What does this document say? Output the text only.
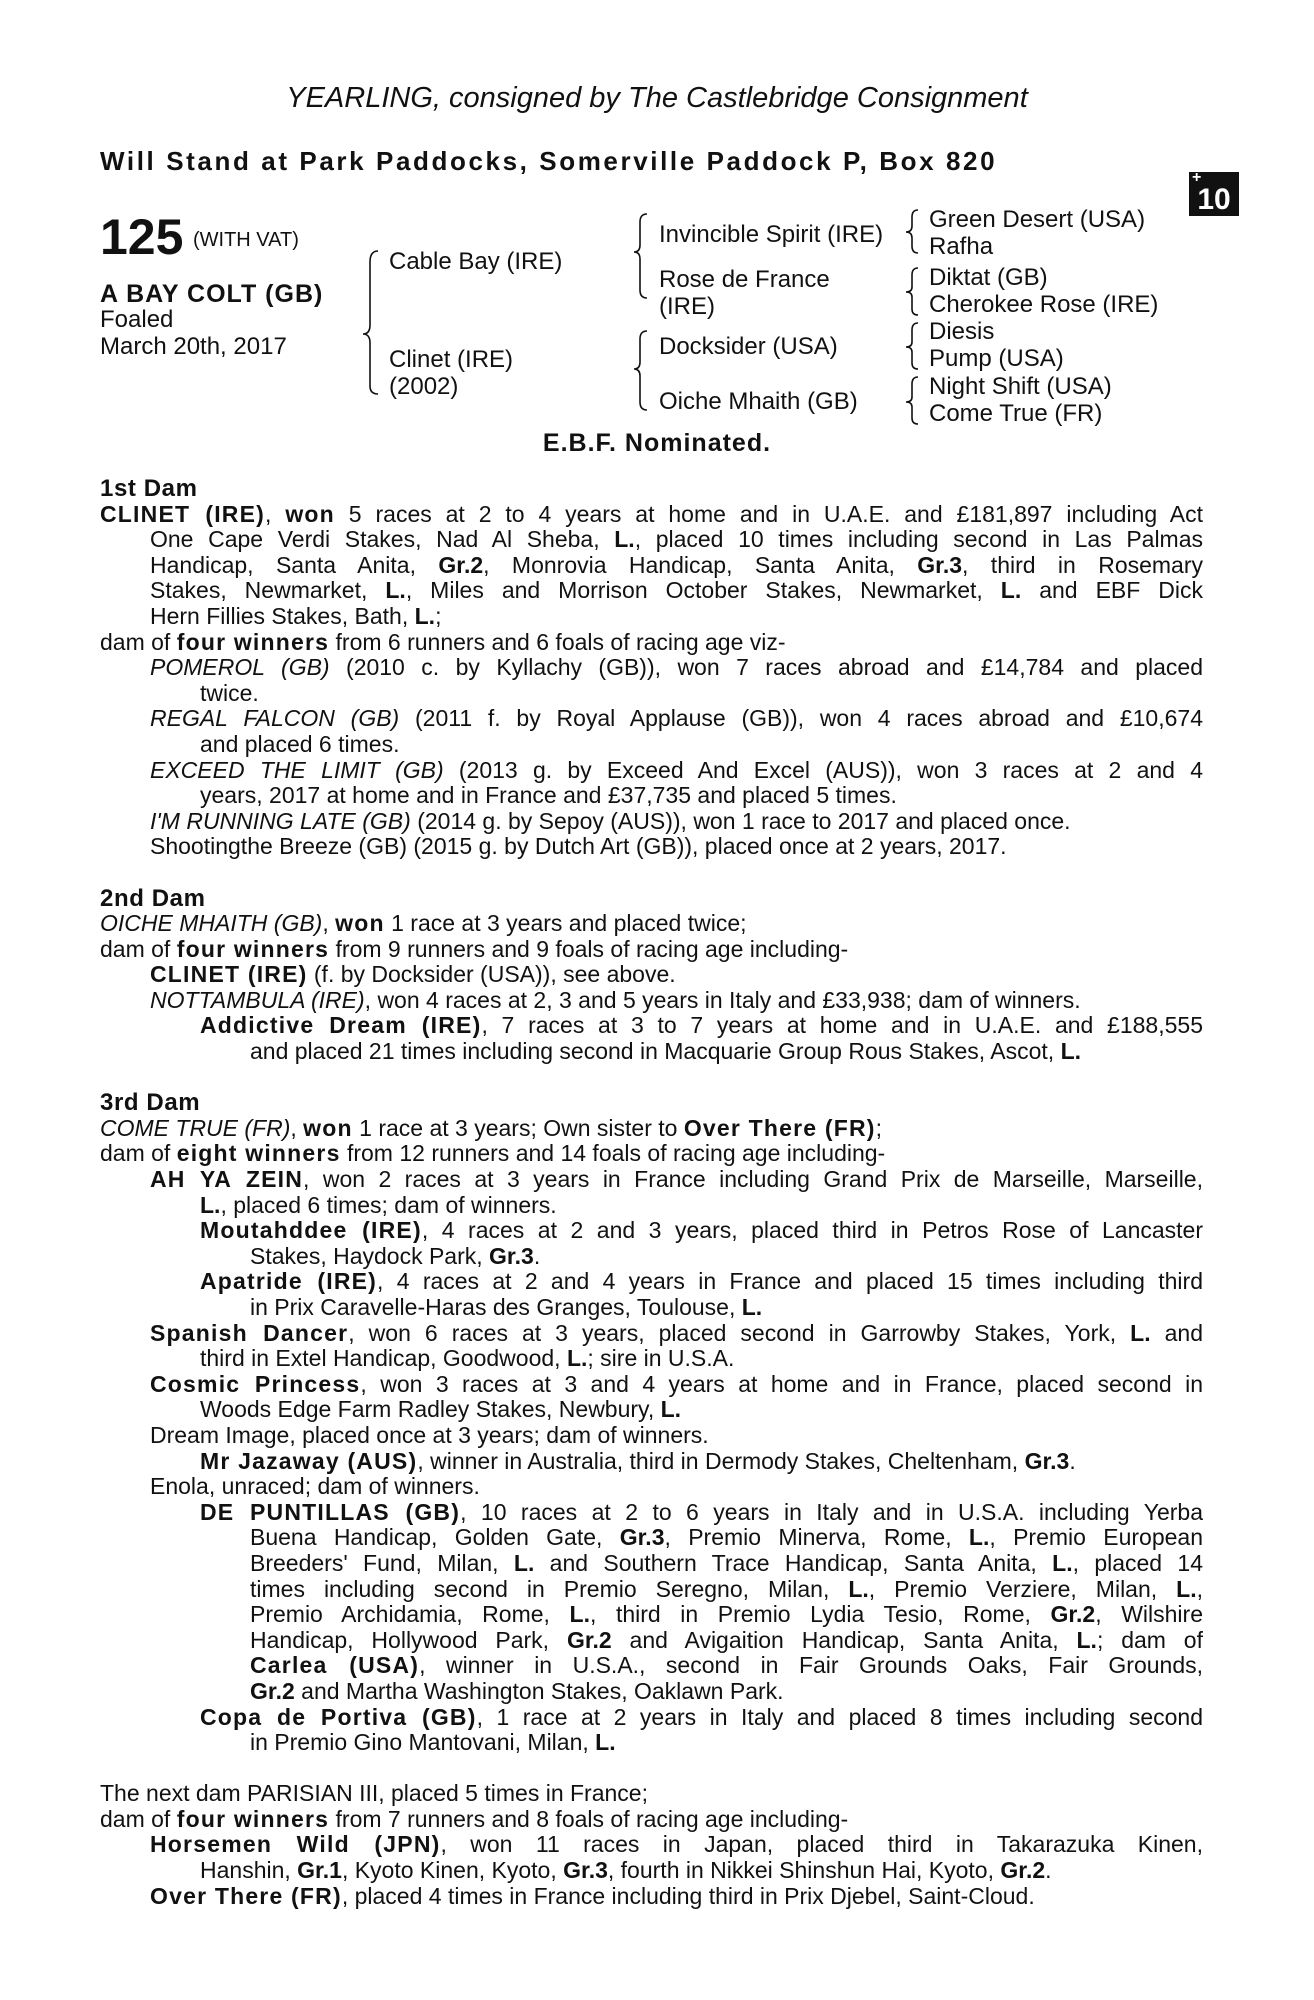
YEARLING, consigned by The Castlebridge Consignment
Will Stand at Park Paddocks, Somerville Paddock P, Box 820
+
10
125 (WITH VAT)
A BAY COLT (GB)
Foaled
March 20th, 2017
Cable Bay (IRE)
Clinet (IRE)
(2002)
Invincible Spirit (IRE)
Rose de France
(IRE)
Docksider (USA)
Oiche Mhaith (GB)
Green Desert (USA)
Rafha
Diktat (GB)
Cherokee Rose (IRE)
Diesis
Pump (USA)
Night Shift (USA)
Come True (FR)
E.B.F. Nominated.
1st Dam
CLINET (IRE), won 5 races at 2 to 4 years at home and in U.A.E. and £181,897 including Act
One Cape Verdi Stakes, Nad Al Sheba, L., placed 10 times including second in Las Palmas
Handicap, Santa Anita, Gr.2, Monrovia Handicap, Santa Anita, Gr.3, third in Rosemary
Stakes, Newmarket, L., Miles and Morrison October Stakes, Newmarket, L. and EBF Dick
Hern Fillies Stakes, Bath, L.;
dam of four winners from 6 runners and 6 foals of racing age viz-
POMEROL (GB) (2010 c. by Kyllachy (GB)), won 7 races abroad and £14,784 and placed
twice.
REGAL FALCON (GB) (2011 f. by Royal Applause (GB)), won 4 races abroad and £10,674
and placed 6 times.
EXCEED THE LIMIT (GB) (2013 g. by Exceed And Excel (AUS)), won 3 races at 2 and 4
years, 2017 at home and in France and £37,735 and placed 5 times.
I'M RUNNING LATE (GB) (2014 g. by Sepoy (AUS)), won 1 race to 2017 and placed once.
Shootingthe Breeze (GB) (2015 g. by Dutch Art (GB)), placed once at 2 years, 2017.
2nd Dam
OICHE MHAITH (GB), won 1 race at 3 years and placed twice;
dam of four winners from 9 runners and 9 foals of racing age including-
CLINET (IRE) (f. by Docksider (USA)), see above.
NOTTAMBULA (IRE), won 4 races at 2, 3 and 5 years in Italy and £33,938; dam of winners.
Addictive Dream (IRE), 7 races at 3 to 7 years at home and in U.A.E. and £188,555
and placed 21 times including second in Macquarie Group Rous Stakes, Ascot, L.
3rd Dam
COME TRUE (FR), won 1 race at 3 years; Own sister to Over There (FR);
dam of eight winners from 12 runners and 14 foals of racing age including-
AH YA ZEIN, won 2 races at 3 years in France including Grand Prix de Marseille, Marseille,
L., placed 6 times; dam of winners.
Moutahddee (IRE), 4 races at 2 and 3 years, placed third in Petros Rose of Lancaster
Stakes, Haydock Park, Gr.3.
Apatride (IRE), 4 races at 2 and 4 years in France and placed 15 times including third
in Prix Caravelle-Haras des Granges, Toulouse, L.
Spanish Dancer, won 6 races at 3 years, placed second in Garrowby Stakes, York, L. and
third in Extel Handicap, Goodwood, L.; sire in U.S.A.
Cosmic Princess, won 3 races at 3 and 4 years at home and in France, placed second in
Woods Edge Farm Radley Stakes, Newbury, L.
Dream Image, placed once at 3 years; dam of winners.
Mr Jazaway (AUS), winner in Australia, third in Dermody Stakes, Cheltenham, Gr.3.
Enola, unraced; dam of winners.
DE PUNTILLAS (GB), 10 races at 2 to 6 years in Italy and in U.S.A. including Yerba
Buena Handicap, Golden Gate, Gr.3, Premio Minerva, Rome, L., Premio European
Breeders' Fund, Milan, L. and Southern Trace Handicap, Santa Anita, L., placed 14
times including second in Premio Seregno, Milan, L., Premio Verziere, Milan, L.,
Premio Archidamia, Rome, L., third in Premio Lydia Tesio, Rome, Gr.2, Wilshire
Handicap, Hollywood Park, Gr.2 and Avigaition Handicap, Santa Anita, L.; dam of
Carlea (USA), winner in U.S.A., second in Fair Grounds Oaks, Fair Grounds,
Gr.2 and Martha Washington Stakes, Oaklawn Park.
Copa de Portiva (GB), 1 race at 2 years in Italy and placed 8 times including second
in Premio Gino Mantovani, Milan, L.
The next dam PARISIAN III, placed 5 times in France;
dam of four winners from 7 runners and 8 foals of racing age including-
Horsemen Wild (JPN), won 11 races in Japan, placed third in Takarazuka Kinen,
Hanshin, Gr.1, Kyoto Kinen, Kyoto, Gr.3, fourth in Nikkei Shinshun Hai, Kyoto, Gr.2.
Over There (FR), placed 4 times in France including third in Prix Djebel, Saint-Cloud.
